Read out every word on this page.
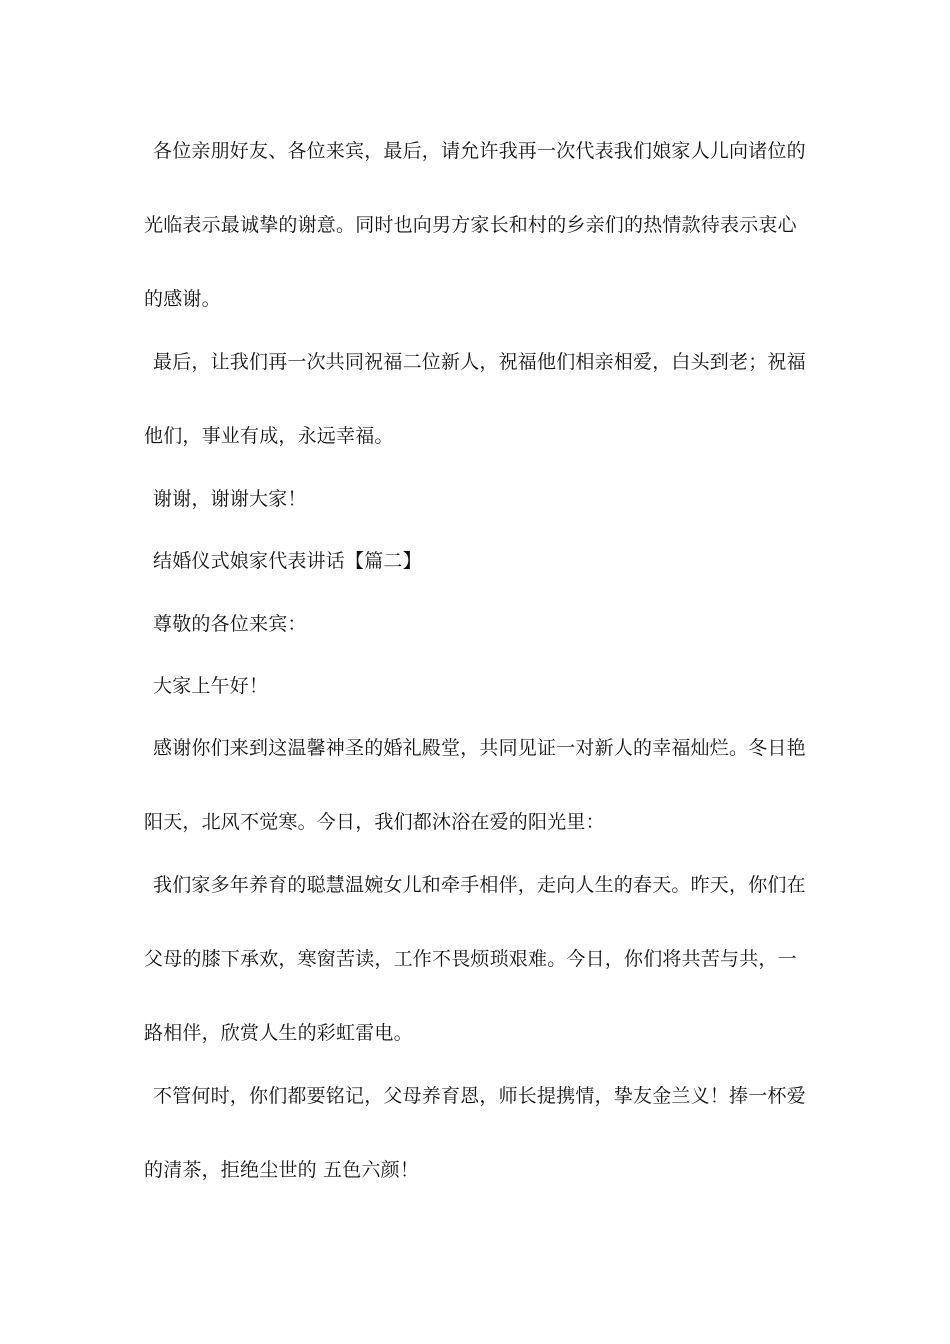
各位亲朋好友、各位来宾，最后，请允许我再一次代表我们娘家人儿向诸位的
光临表示最诚挚的谢意。同时也向男方家长和村的乡亲们的热情款待表示衷心
的感谢。
最后，让我们再一次共同祝福二位新人，祝福他们相亲相爱，白头到老；祝福
他们，事业有成，永远幸福。
谢谢，谢谢大家！
结婚仪式娘家代表讲话【篇二】
尊敬的各位来宾：
大家上午好！
感谢你们来到这温馨神圣的婚礼殿堂，共同见证一对新人的幸福灿烂。冬日艳
阳天，北风不觉寒。今日，我们都沐浴在爱的阳光里：
我们家多年养育的聪慧温婉女儿和牵手相伴，走向人生的春天。昨天，你们在
父母的膝下承欢，寒窗苦读，工作不畏烦琐艰难。今日，你们将共苦与共，一
路相伴，欣赏人生的彩虹雷电。
不管何时，你们都要铭记，父母养育恩，师长提携情，挚友金兰义！捧一杯爱
的清茶，拒绝尘世的 五色六颜！
